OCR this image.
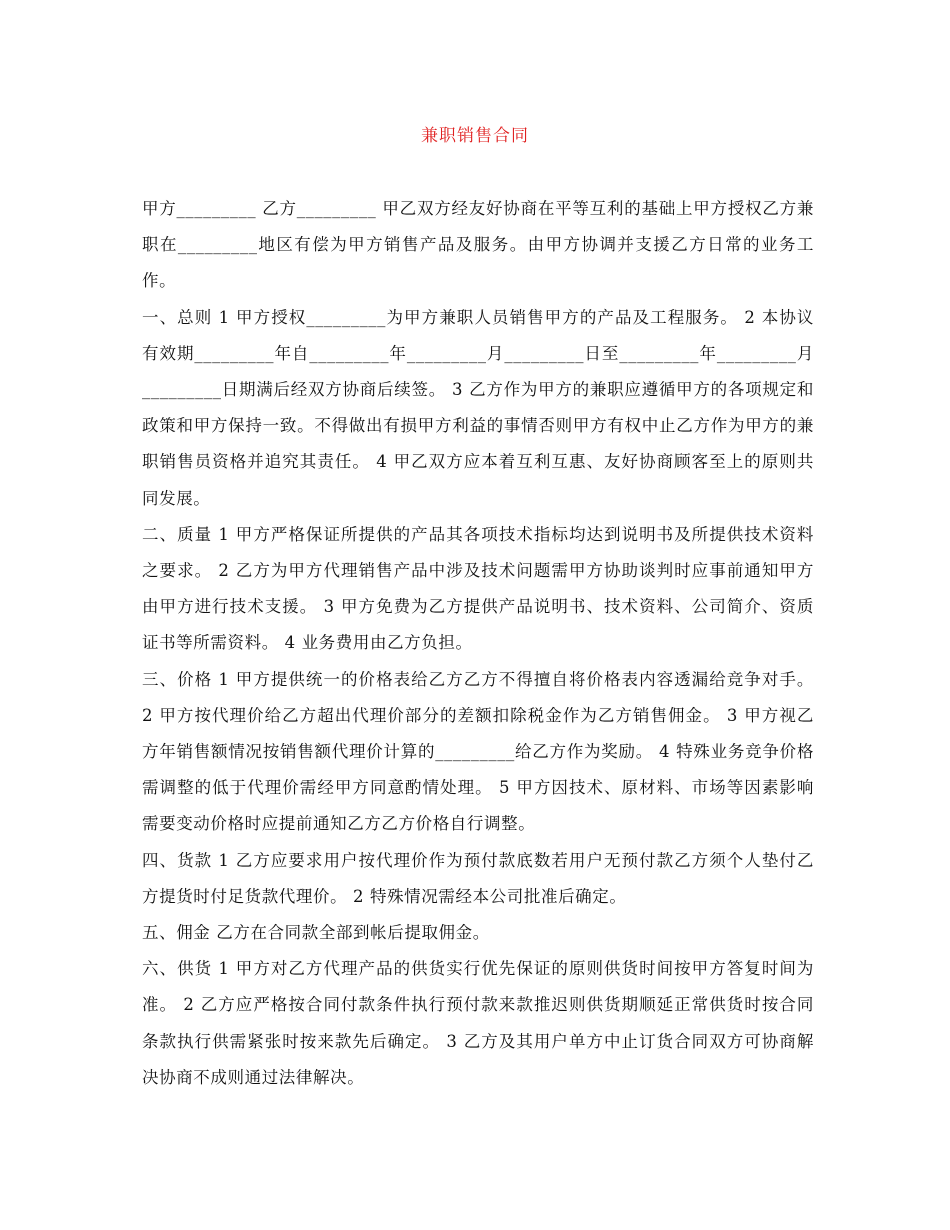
兼职销售合同

甲方_________ 乙方_________ 甲乙双方经友好协商在平等互利的基础上甲方授权乙方兼职在_________地区有偿为甲方销售产品及服务。由甲方协调并支援乙方日常的业务工作。

一、总则 1 甲方授权_________为甲方兼职人员销售甲方的产品及工程服务。 2 本协议有效期_________年自_________年_________月_________日至_________年_________月_________日期满后经双方协商后续签。 3 乙方作为甲方的兼职应遵循甲方的各项规定和政策和甲方保持一致。不得做出有损甲方利益的事情否则甲方有权中止乙方作为甲方的兼职销售员资格并追究其责任。 4 甲乙双方应本着互利互惠、友好协商顾客至上的原则共同发展。

二、质量 1 甲方严格保证所提供的产品其各项技术指标均达到说明书及所提供技术资料之要求。 2 乙方为甲方代理销售产品中涉及技术问题需甲方协助谈判时应事前通知甲方由甲方进行技术支援。 3 甲方免费为乙方提供产品说明书、技术资料、公司简介、资质证书等所需资料。 4 业务费用由乙方负担。

三、价格 1 甲方提供统一的价格表给乙方乙方不得擅自将价格表内容透漏给竞争对手。 2 甲方按代理价给乙方超出代理价部分的差额扣除税金作为乙方销售佣金。 3 甲方视乙方年销售额情况按销售额代理价计算的_________给乙方作为奖励。 4 特殊业务竞争价格需调整的低于代理价需经甲方同意酌情处理。 5 甲方因技术、原材料、市场等因素影响需要变动价格时应提前通知乙方乙方价格自行调整。

四、货款 1 乙方应要求用户按代理价作为预付款底数若用户无预付款乙方须个人垫付乙方提货时付足货款代理价。 2 特殊情况需经本公司批准后确定。

五、佣金 乙方在合同款全部到帐后提取佣金。

六、供货 1 甲方对乙方代理产品的供货实行优先保证的原则供货时间按甲方答复时间为准。 2 乙方应严格按合同付款条件执行预付款来款推迟则供货期顺延正常供货时按合同条款执行供需紧张时按来款先后确定。 3 乙方及其用户单方中止订货合同双方可协商解决协商不成则通过法律解决。
